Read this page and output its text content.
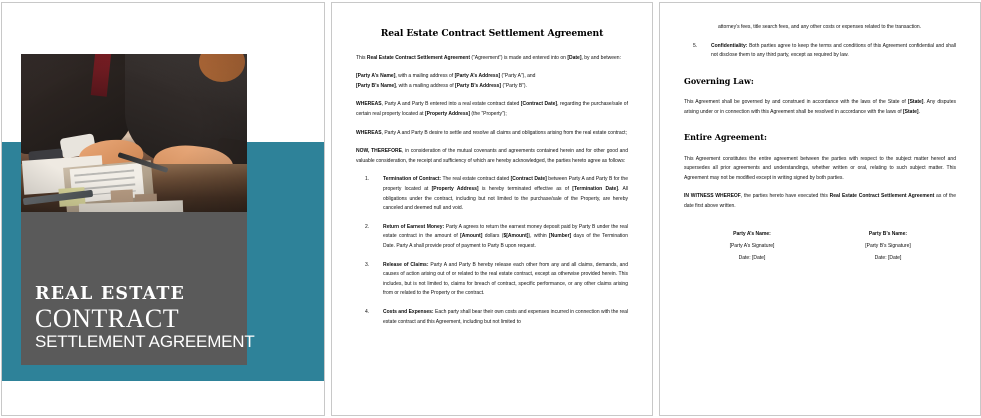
REAL ESTATE
CONTRACT
SETTLEMENT AGREEMENT
Real Estate Contract Settlement Agreement

This Real Estate Contract Settlement Agreement (“Agreement”) is made and entered into on [Date], by and between:

[Party A’s Name], with a mailing address of [Party A’s Address] (“Party A”), and
[Party B’s Name], with a mailing address of [Party B’s Address] (“Party B”).

WHEREAS, Party A and Party B entered into a real estate contract dated [Contract Date], regarding the purchase/sale of certain real property located at [Property Address] (the “Property”);

WHEREAS, Party A and Party B desire to settle and resolve all claims and obligations arising from the real estate contract;

NOW, THEREFORE, in consideration of the mutual covenants and agreements contained herein and for other good and valuable consideration, the receipt and sufficiency of which are hereby acknowledged, the parties hereto agree as follows:

Termination of Contract: The real estate contract dated [Contract Date] between Party A and Party B for the property located at [Property Address] is hereby terminated effective as of [Termination Date]. All obligations under the contract, including but not limited to the purchase/sale of the Property, are hereby canceled and deemed null and void.
Return of Earnest Money: Party A agrees to return the earnest money deposit paid by Party B under the real estate contract in the amount of [Amount] dollars ($[Amount]), within [Number] days of the Termination Date. Party A shall provide proof of payment to Party B upon request.
Release of Claims: Party A and Party B hereby release each other from any and all claims, demands, and causes of action arising out of or related to the real estate contract, except as otherwise provided herein. This includes, but is not limited to, claims for breach of contract, specific performance, or any other claims arising from or related to the Property or the contract.
Costs and Expenses: Each party shall bear their own costs and expenses incurred in connection with the real estate contract and this Agreement, including but not limited to

attorney’s fees, title search fees, and any other costs or expenses related to the transaction.

Confidentiality: Both parties agree to keep the terms and conditions of this Agreement confidential and shall not disclose them to any third party, except as required by law.
Governing Law:

This Agreement shall be governed by and construed in accordance with the laws of the State of [State]. Any disputes arising under or in connection with this Agreement shall be resolved in accordance with the laws of [State].

Entire Agreement:

This Agreement constitutes the entire agreement between the parties with respect to the subject matter hereof and supersedes all prior agreements and understandings, whether written or oral, relating to such subject matter. This Agreement may not be modified except in writing signed by both parties.

IN WITNESS WHEREOF, the parties hereto have executed this Real Estate Contract Settlement Agreement as of the date first above written.

Party A’s Name:
[Party A’s Signature]
Date: [Date]
Party B’s Name:
[Party B’s Signature]
Date: [Date]
